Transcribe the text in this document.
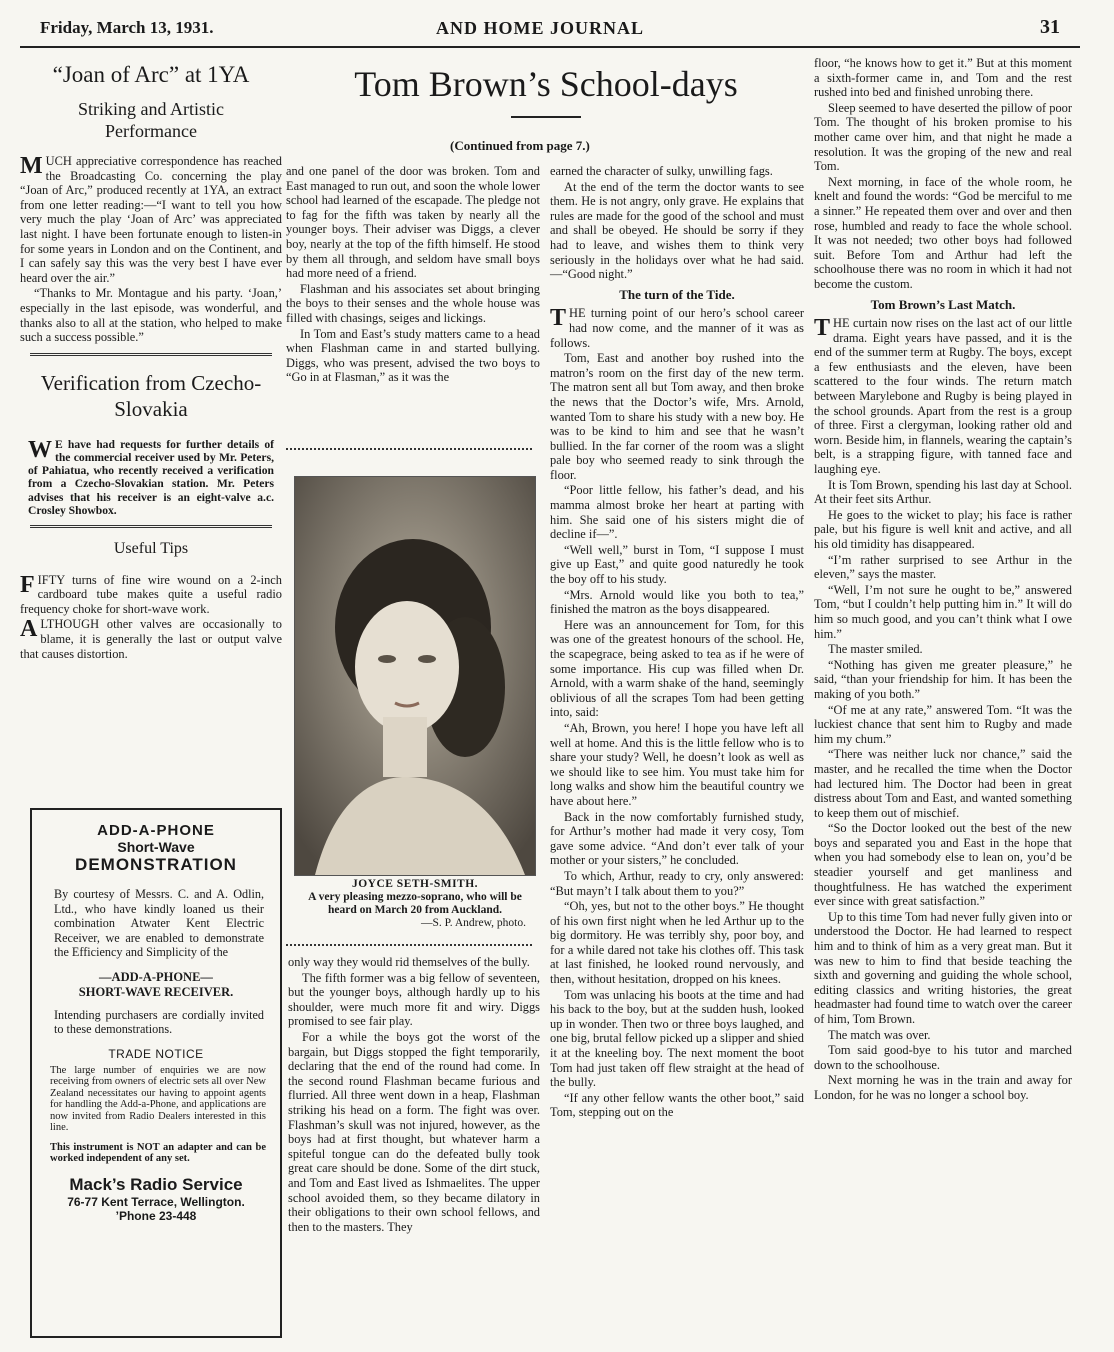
Friday, March 13, 1931.	AND HOME JOURNAL	31
“Joan of Arc” at 1YA
Striking and Artistic Performance

MUCH appreciative correspondence has reached the Broadcasting Co. concerning the play “Joan of Arc,” produced recently at 1YA, an extract from one letter reading:—“I want to tell you how very much the play ‘Joan of Arc’ was appreciated last night. I have been fortunate enough to listen-in for some years in London and on the Continent, and I can safely say this was the very best I have ever heard over the air.”

“Thanks to Mr. Montague and his party. ‘Joan,’ especially in the last episode, was wonderful, and thanks also to all at the station, who helped to make such a success possible.”

Verification from Czecho-Slovakia

W E have had requests for further details of the commercial receiver used by Mr. Peters, of Pahiatua, who recently received a verification from a Czecho-Slovakian station. Mr. Peters advises that his receiver is an eight-valve a.c. Crosley Showbox.

Useful Tips

FIFTY turns of fine wire wound on a 2-inch cardboard tube makes quite a useful radio frequency choke for short-wave work.

ALTHOUGH other valves are occasionally to blame, it is generally the last or output valve that causes distortion.

ADD-A-PHONE
Short-Wave
DEMONSTRATION
By courtesy of Messrs. C. and A. Odlin, Ltd., who have kindly loaned us their combination Atwater Kent Electric Receiver, we are enabled to demonstrate the Efficiency and Simplicity of the
—ADD-A-PHONE—
SHORT-WAVE RECEIVER.
Intending purchasers are cordially invited to these demonstrations.
TRADE NOTICE
The large number of enquiries we are now receiving from owners of electric sets all over New Zealand necessitates our having to appoint agents for handling the Add-a-Phone, and applications are now invited from Radio Dealers interested in this line.
This instrument is NOT an adapter and can be worked independent of any set.
Mack’s Radio Service
76-77 Kent Terrace, Wellington.
’Phone 23-448
Tom Brown’s School-days
(Continued from page 7.)

and one panel of the door was broken. Tom and East managed to run out, and soon the whole lower school had learned of the escapade. The pledge not to fag for the fifth was taken by nearly all the younger boys. Their adviser was Diggs, a clever boy, nearly at the top of the fifth himself. He stood by them all through, and seldom have small boys had more need of a friend.

Flashman and his associates set about bringing the boys to their senses and the whole house was filled with chasings, seiges and lickings.

In Tom and East’s study matters came to a head when Flashman came in and started bullying. Diggs, who was present, advised the two boys to “Go in at Flasman,” as it was the

JOYCE SETH-SMITH.
A very pleasing mezzo-soprano, who will be heard on March 20 from Auckland.
—S. P. Andrew, photo.

only way they would rid themselves of the bully.

The fifth former was a big fellow of seventeen, but the younger boys, although hardly up to his shoulder, were much more fit and wiry. Diggs promised to see fair play.

For a while the boys got the worst of the bargain, but Diggs stopped the fight temporarily, declaring that the end of the round had come. In the second round Flashman became furious and flurried. All three went down in a heap, Flashman striking his head on a form. The fight was over. Flashman’s skull was not injured, however, as the boys had at first thought, but whatever harm a spiteful tongue can do the defeated bully took great care should be done. Some of the dirt stuck, and Tom and East lived as Ishmaelites. The upper school avoided them, so they became dilatory in their obligations to their own school fellows, and then to the masters. They

earned the character of sulky, unwilling fags.

At the end of the term the doctor wants to see them. He is not angry, only grave. He explains that rules are made for the good of the school and must and shall be obeyed. He should be sorry if they had to leave, and wishes them to think very seriously in the holidays over what he had said.—“Good night.”

The turn of the Tide.

THE turning point of our hero’s school career had now come, and the manner of it was as follows.

Tom, East and another boy rushed into the matron’s room on the first day of the new term. The matron sent all but Tom away, and then broke the news that the Doctor’s wife, Mrs. Arnold, wanted Tom to share his study with a new boy. He was to be kind to him and see that he wasn’t bullied. In the far corner of the room was a slight pale boy who seemed ready to sink through the floor.

“Poor little fellow, his father’s dead, and his mamma almost broke her heart at parting with him. She said one of his sisters might die of decline if—”.

“Well well,” burst in Tom, “I suppose I must give up East,” and quite good naturedly he took the boy off to his study.

“Mrs. Arnold would like you both to tea,” finished the matron as the boys disappeared.

Here was an announcement for Tom, for this was one of the greatest honours of the school. He, the scapegrace, being asked to tea as if he were of some importance. His cup was filled when Dr. Arnold, with a warm shake of the hand, seemingly oblivious of all the scrapes Tom had been getting into, said:

“Ah, Brown, you here! I hope you have left all well at home. And this is the little fellow who is to share your study? Well, he doesn’t look as well as we should like to see him. You must take him for long walks and show him the beautiful country we have about here.”

Back in the now comfortably furnished study, for Arthur’s mother had made it very cosy, Tom gave some advice. “And don’t ever talk of your mother or your sisters,” he concluded.

To which, Arthur, ready to cry, only answered: “But mayn’t I talk about them to you?”

“Oh, yes, but not to the other boys.” He thought of his own first night when he led Arthur up to the big dormitory. He was terribly shy, poor boy, and for a while dared not take his clothes off. This task at last finished, he looked round nervously, and then, without hesitation, dropped on his knees.

Tom was unlacing his boots at the time and had his back to the boy, but at the sudden hush, looked up in wonder. Then two or three boys laughed, and one big, brutal fellow picked up a slipper and shied it at the kneeling boy. The next moment the boot Tom had just taken off flew straight at the head of the bully.

“If any other fellow wants the other boot,” said Tom, stepping out on the

floor, “he knows how to get it.” But at this moment a sixth-former came in, and Tom and the rest rushed into bed and finished unrobing there.

Sleep seemed to have deserted the pillow of poor Tom. The thought of his broken promise to his mother came over him, and that night he made a resolution. It was the groping of the new and real Tom.

Next morning, in face of the whole room, he knelt and found the words: “God be merciful to me a sinner.” He repeated them over and over and then rose, humbled and ready to face the whole school. It was not needed; two other boys had followed suit. Before Tom and Arthur had left the schoolhouse there was no room in which it had not become the custom.

Tom Brown’s Last Match.

THE curtain now rises on the last act of our little drama. Eight years have passed, and it is the end of the summer term at Rugby. The boys, except a few enthusiasts and the eleven, have been scattered to the four winds. The return match between Marylebone and Rugby is being played in the school grounds. Apart from the rest is a group of three. First a clergyman, looking rather old and worn. Beside him, in flannels, wearing the captain’s belt, is a strapping figure, with tanned face and laughing eye.

It is Tom Brown, spending his last day at School. At their feet sits Arthur.

He goes to the wicket to play; his face is rather pale, but his figure is well knit and active, and all his old timidity has disappeared.

“I’m rather surprised to see Arthur in the eleven,” says the master.

“Well, I’m not sure he ought to be,” answered Tom, “but I couldn’t help putting him in.” It will do him so much good, and you can’t think what I owe him.”

The master smiled.

“Nothing has given me greater pleasure,” he said, “than your friendship for him. It has been the making of you both.”

“Of me at any rate,” answered Tom. “It was the luckiest chance that sent him to Rugby and made him my chum.”

“There was neither luck nor chance,” said the master, and he recalled the time when the Doctor had lectured him. The Doctor had been in great distress about Tom and East, and wanted something to keep them out of mischief.

“So the Doctor looked out the best of the new boys and separated you and East in the hope that when you had somebody else to lean on, you’d be steadier yourself and get manliness and thoughtfulness. He has watched the experiment ever since with great satisfaction.”

Up to this time Tom had never fully given into or understood the Doctor. He had learned to respect him and to think of him as a very great man. But it was new to him to find that beside teaching the sixth and governing and guiding the whole school, editing classics and writing histories, the great headmaster had found time to watch over the career of him, Tom Brown.

The match was over.

Tom said good-bye to his tutor and marched down to the schoolhouse.

Next morning he was in the train and away for London, for he was no longer a school boy.
